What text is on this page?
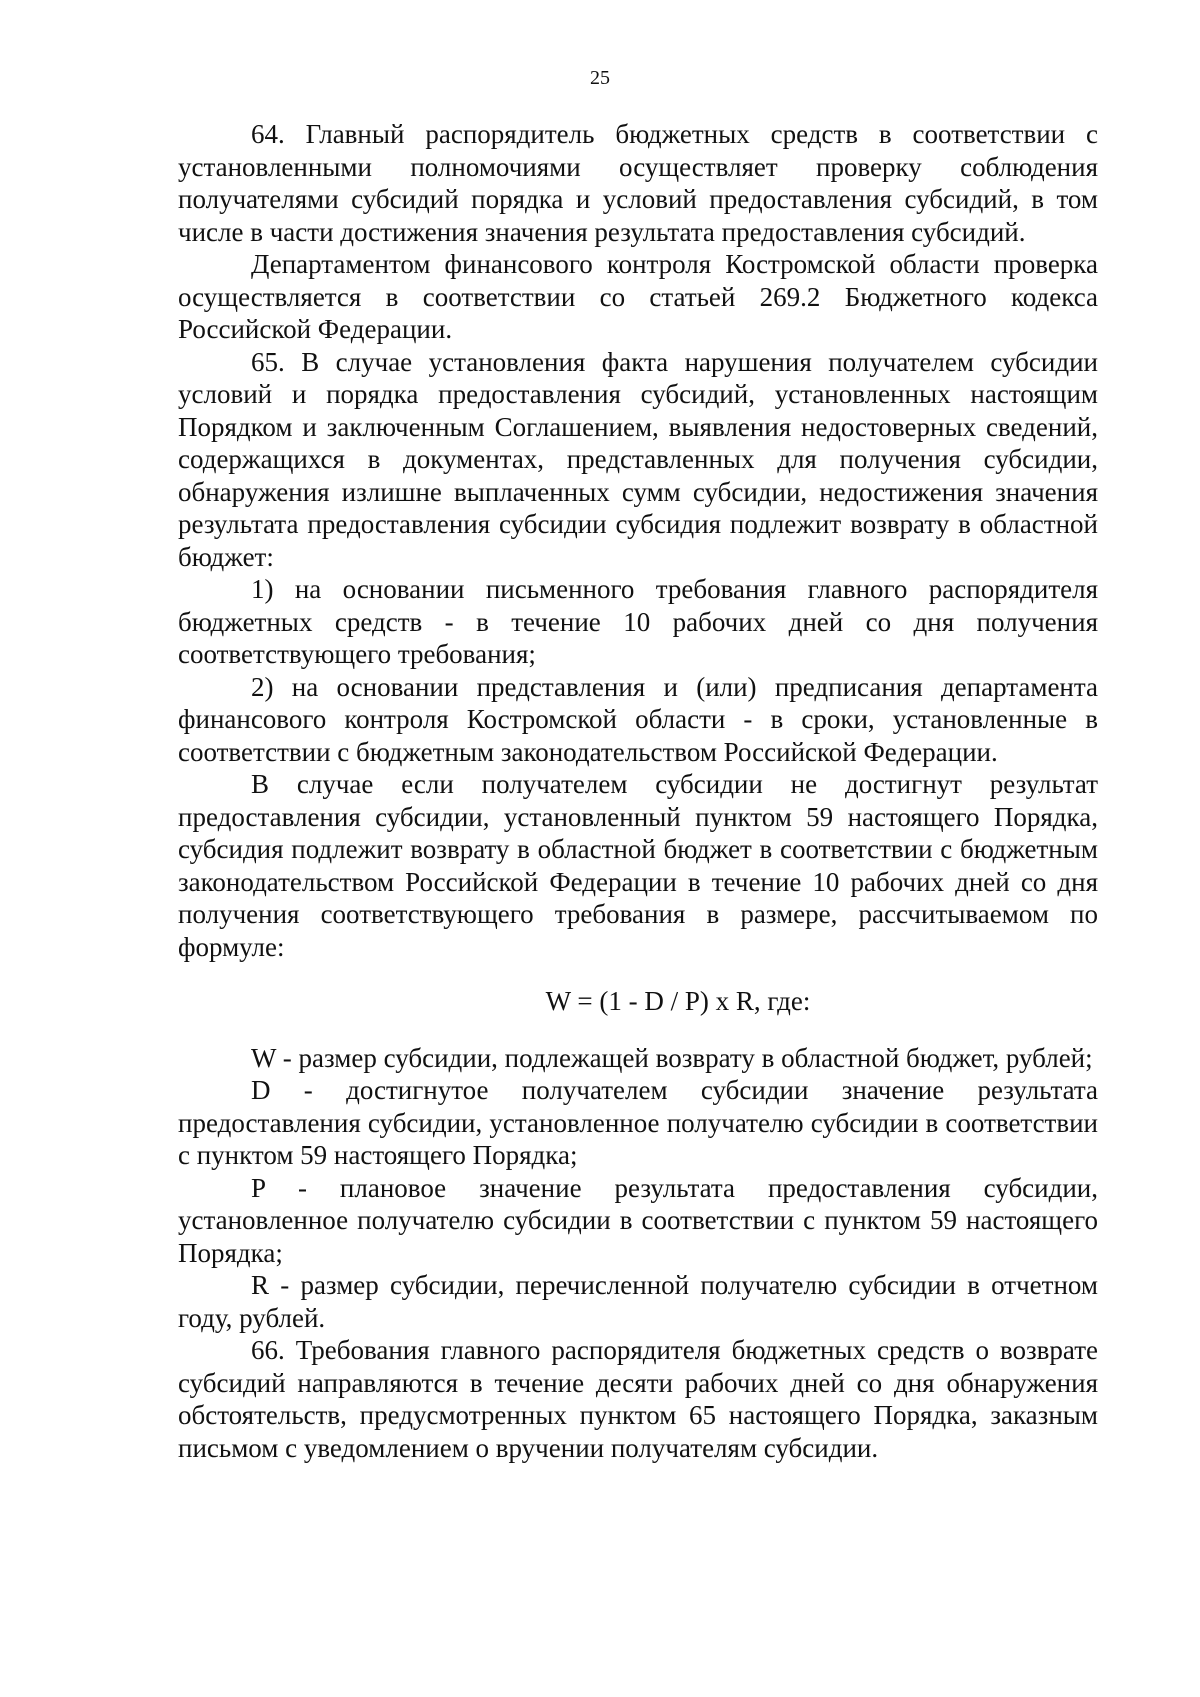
25

64. Главный распорядитель бюджетных средств в соответствии с установленными полномочиями осуществляет проверку соблюдения получателями субсидий порядка и условий предоставления субсидий, в том числе в части достижения значения результата предоставления субсидий.

Департаментом финансового контроля Костромской области проверка осуществляется в соответствии со статьей 269.2 Бюджетного кодекса Российской Федерации.

65. В случае установления факта нарушения получателем субсидии условий и порядка предоставления субсидий, установленных настоящим Порядком и заключенным Соглашением, выявления недостоверных сведений, содержащихся в документах, представленных для получения субсидии, обнаружения излишне выплаченных сумм субсидии, недостижения значения результата предоставления субсидии субсидия подлежит возврату в областной бюджет:

1) на основании письменного требования главного распорядителя бюджетных средств - в течение 10 рабочих дней со дня получения соответствующего требования;

2) на основании представления и (или) предписания департамента финансового контроля Костромской области - в сроки, установленные в соответствии с бюджетным законодательством Российской Федерации.

В случае если получателем субсидии не достигнут результат предоставления субсидии, установленный пунктом 59 настоящего Порядка, субсидия подлежит возврату в областной бюджет в соответствии с бюджетным законодательством Российской Федерации в течение 10 рабочих дней со дня получения соответствующего требования в размере, рассчитываемом по формуле:

W = (1 - D / P) x R, где:

W - размер субсидии, подлежащей возврату в областной бюджет, рублей;

D - достигнутое получателем субсидии значение результата предоставления субсидии, установленное получателю субсидии в соответствии с пунктом 59 настоящего Порядка;

P - плановое значение результата предоставления субсидии, установленное получателю субсидии в соответствии с пунктом 59 настоящего Порядка;

R - размер субсидии, перечисленной получателю субсидии в отчетном году, рублей.

66. Требования главного распорядителя бюджетных средств о возврате субсидий направляются в течение десяти рабочих дней со дня обнаружения обстоятельств, предусмотренных пунктом 65 настоящего Порядка, заказным письмом с уведомлением о вручении получателям субсидии.
